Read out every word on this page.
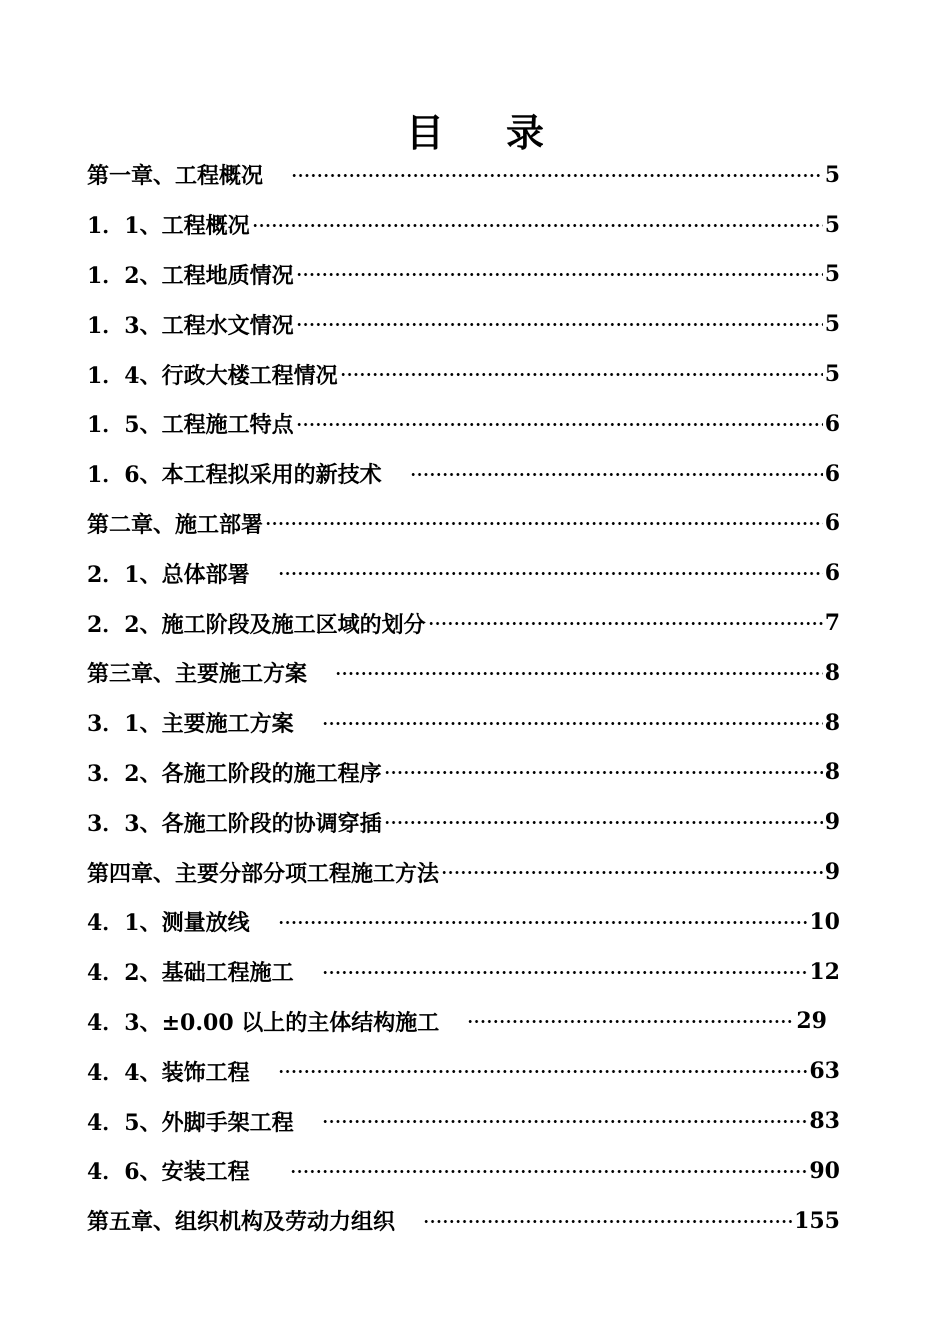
目 录
第一章、工程概况	5
1．1、工程概况	5
1．2、工程地质情况	5
1．3、工程水文情况	5
1．4、行政大楼工程情况	5
1．5、工程施工特点	6
1．6、本工程拟采用的新技术	6
第二章、施工部署	6
2．1、总体部署	6
2．2、施工阶段及施工区域的划分	7
第三章、主要施工方案	8
3．1、主要施工方案	8
3．2、各施工阶段的施工程序	8
3．3、各施工阶段的协调穿插	9
第四章、主要分部分项工程施工方法	9
4．1、测量放线	10
4．2、基础工程施工	12
4．3、±0.00 以上的主体结构施工	29
4．4、装饰工程	63
4．5、外脚手架工程	83
4．6、安装工程	90
第五章、组织机构及劳动力组织	155
